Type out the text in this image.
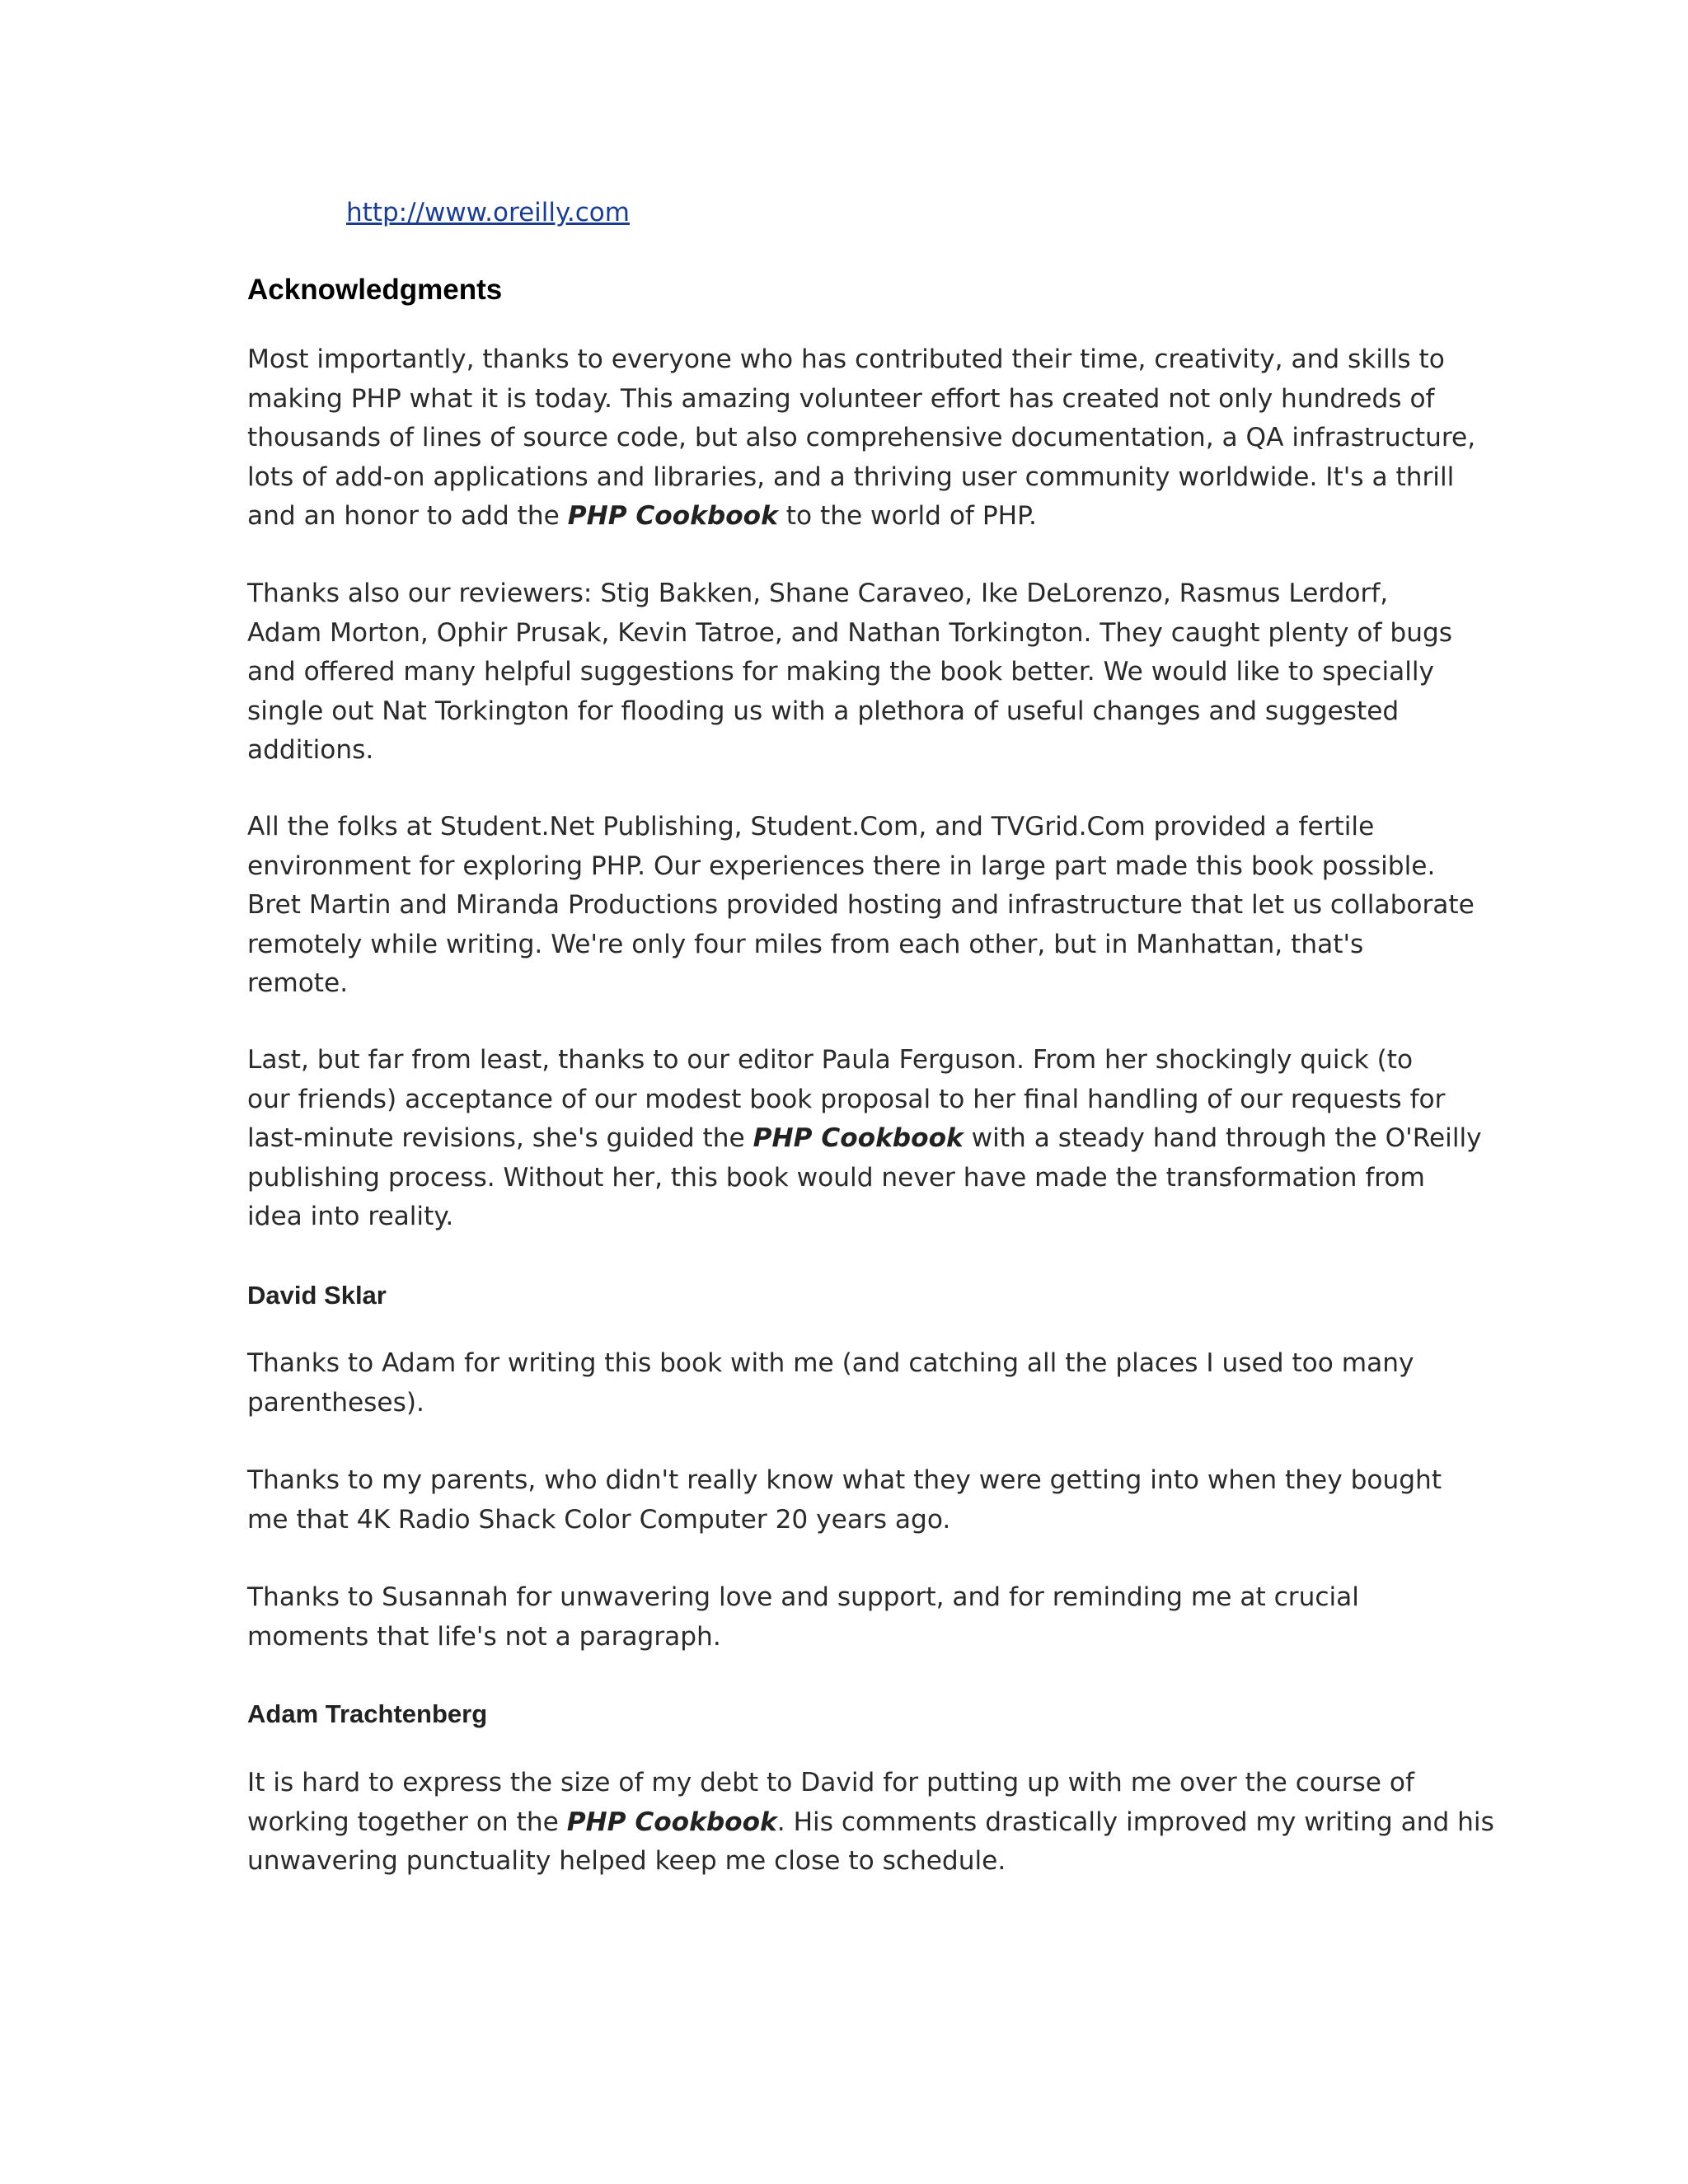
http://www.oreilly.com
Acknowledgments
Most importantly, thanks to everyone who has contributed their time, creativity, and skills to
making PHP what it is today. This amazing volunteer effort has created not only hundreds of
thousands of lines of source code, but also comprehensive documentation, a QA infrastructure,
lots of add-on applications and libraries, and a thriving user community worldwide. It's a thrill
and an honor to add the PHP Cookbook to the world of PHP.
Thanks also our reviewers: Stig Bakken, Shane Caraveo, Ike DeLorenzo, Rasmus Lerdorf,
Adam Morton, Ophir Prusak, Kevin Tatroe, and Nathan Torkington. They caught plenty of bugs
and offered many helpful suggestions for making the book better. We would like to specially
single out Nat Torkington for flooding us with a plethora of useful changes and suggested
additions.
All the folks at Student.Net Publishing, Student.Com, and TVGrid.Com provided a fertile
environment for exploring PHP. Our experiences there in large part made this book possible.
Bret Martin and Miranda Productions provided hosting and infrastructure that let us collaborate
remotely while writing. We're only four miles from each other, but in Manhattan, that's
remote.
Last, but far from least, thanks to our editor Paula Ferguson. From her shockingly quick (to
our friends) acceptance of our modest book proposal to her final handling of our requests for
last-minute revisions, she's guided the PHP Cookbook with a steady hand through the O'Reilly
publishing process. Without her, this book would never have made the transformation from
idea into reality.
David Sklar
Thanks to Adam for writing this book with me (and catching all the places I used too many
parentheses).
Thanks to my parents, who didn't really know what they were getting into when they bought
me that 4K Radio Shack Color Computer 20 years ago.
Thanks to Susannah for unwavering love and support, and for reminding me at crucial
moments that life's not a paragraph.
Adam Trachtenberg
It is hard to express the size of my debt to David for putting up with me over the course of
working together on the PHP Cookbook. His comments drastically improved my writing and his
unwavering punctuality helped keep me close to schedule.
